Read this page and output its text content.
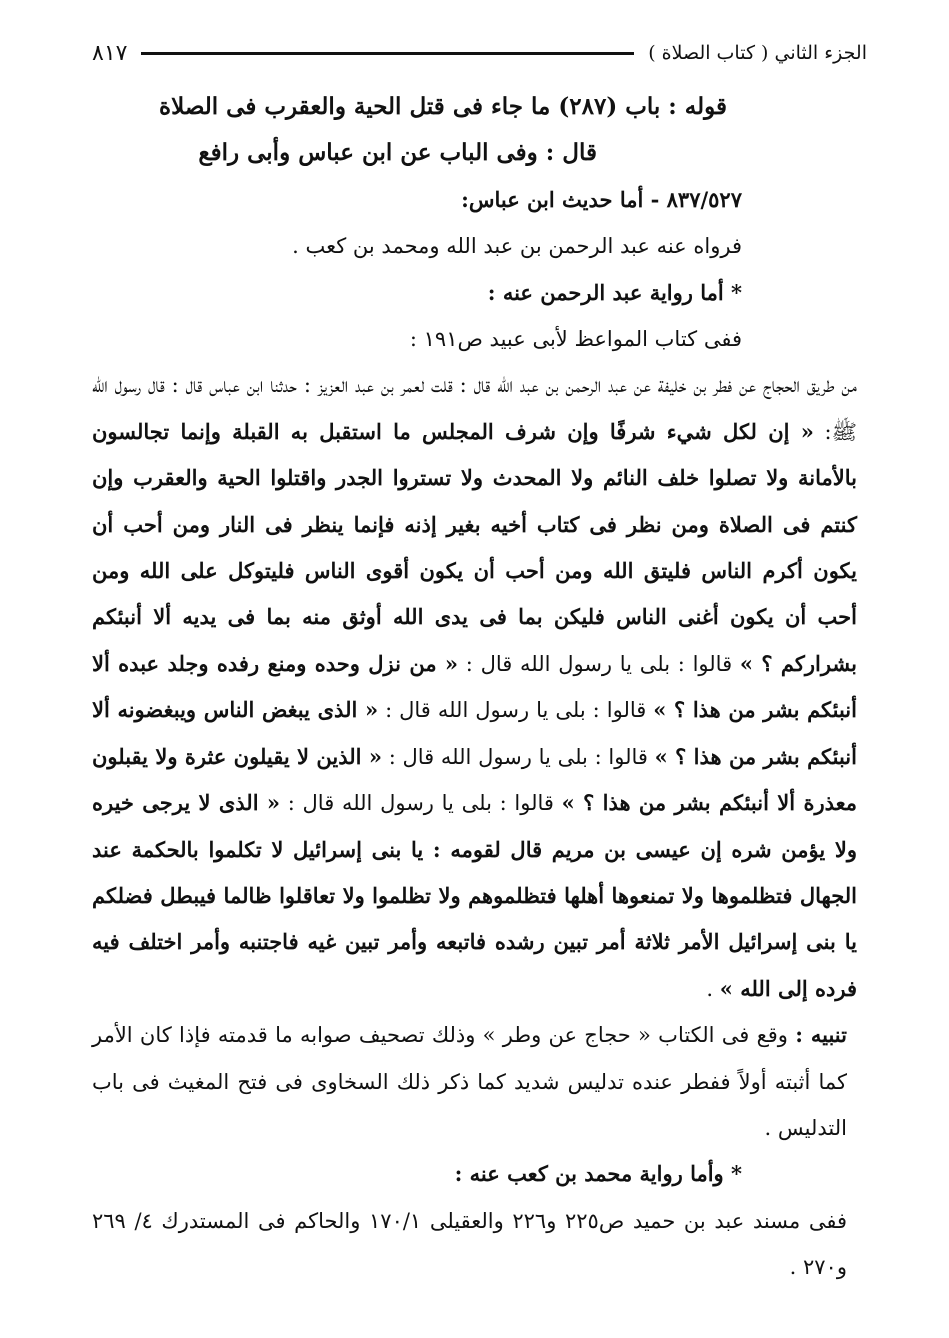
الجزء الثاني ( كتاب الصلاة )
٨١٧

قوله : باب (٢٨٧) ما جاء فى قتل الحية والعقرب فى الصلاة

قال : وفى الباب عن ابن عباس وأبى رافع

٨٣٧/٥٢٧ - أما حديث ابن عباس:

فرواه عنه عبد الرحمن بن عبد الله ومحمد بن كعب .

* أما رواية عبد الرحمن عنه :

ففى كتاب المواعظ لأبى عبيد ص١٩١ :

من طريق الحجاج عن فطر بن خليفة عن عبد الرحمن بن عبد الله قال : قلت لعمر بن عبد العزيز : حدثنا ابن عباس قال : قال رسول الله ﷺ: « إن لكل شيء شرفًا وإن شرف المجلس ما استقبل به القبلة وإنما تجالسون بالأمانة ولا تصلوا خلف النائم ولا المحدث ولا تستروا الجدر واقتلوا الحية والعقرب وإن كنتم فى الصلاة ومن نظر فى كتاب أخيه بغير إذنه فإنما ينظر فى النار ومن أحب أن يكون أكرم الناس فليتق الله ومن أحب أن يكون أقوى الناس فليتوكل على الله ومن أحب أن يكون أغنى الناس فليكن بما فى يدى الله أوثق منه بما فى يديه ألا أنبئكم بشراركم ؟ » قالوا : بلى يا رسول الله قال : « من نزل وحده ومنع رفده وجلد عبده ألا أنبئكم بشر من هذا ؟ » قالوا : بلى يا رسول الله قال : « الذى يبغض الناس ويبغضونه ألا أنبئكم بشر من هذا ؟ » قالوا : بلى يا رسول الله قال : « الذين لا يقيلون عثرة ولا يقبلون معذرة ألا أنبئكم بشر من هذا ؟ » قالوا : بلى يا رسول الله قال : « الذى لا يرجى خيره ولا يؤمن شره إن عيسى بن مريم قال لقومه : يا بنى إسرائيل لا تكلموا بالحكمة عند الجهال فتظلموها ولا تمنعوها أهلها فتظلموهم ولا تظلموا ولا تعاقلوا ظالما فيبطل فضلكم يا بنى إسرائيل الأمر ثلاثة أمر تبين رشده فاتبعه وأمر تبين غيه فاجتنبه وأمر اختلف فيه فرده إلى الله » .

تنبيه : وقع فى الكتاب « حجاج عن وطر » وذلك تصحيف صوابه ما قدمته فإذا كان الأمر كما أثبته أولاً ففطر عنده تدليس شديد كما ذكر ذلك السخاوى فى فتح المغيث فى باب التدليس .

* وأما رواية محمد بن كعب عنه :

ففى مسند عبد بن حميد ص٢٢٥ و٢٢٦ والعقيلى ١٧٠/١ والحاكم فى المستدرك ٤/ ٢٦٩ و٢٧٠ .
